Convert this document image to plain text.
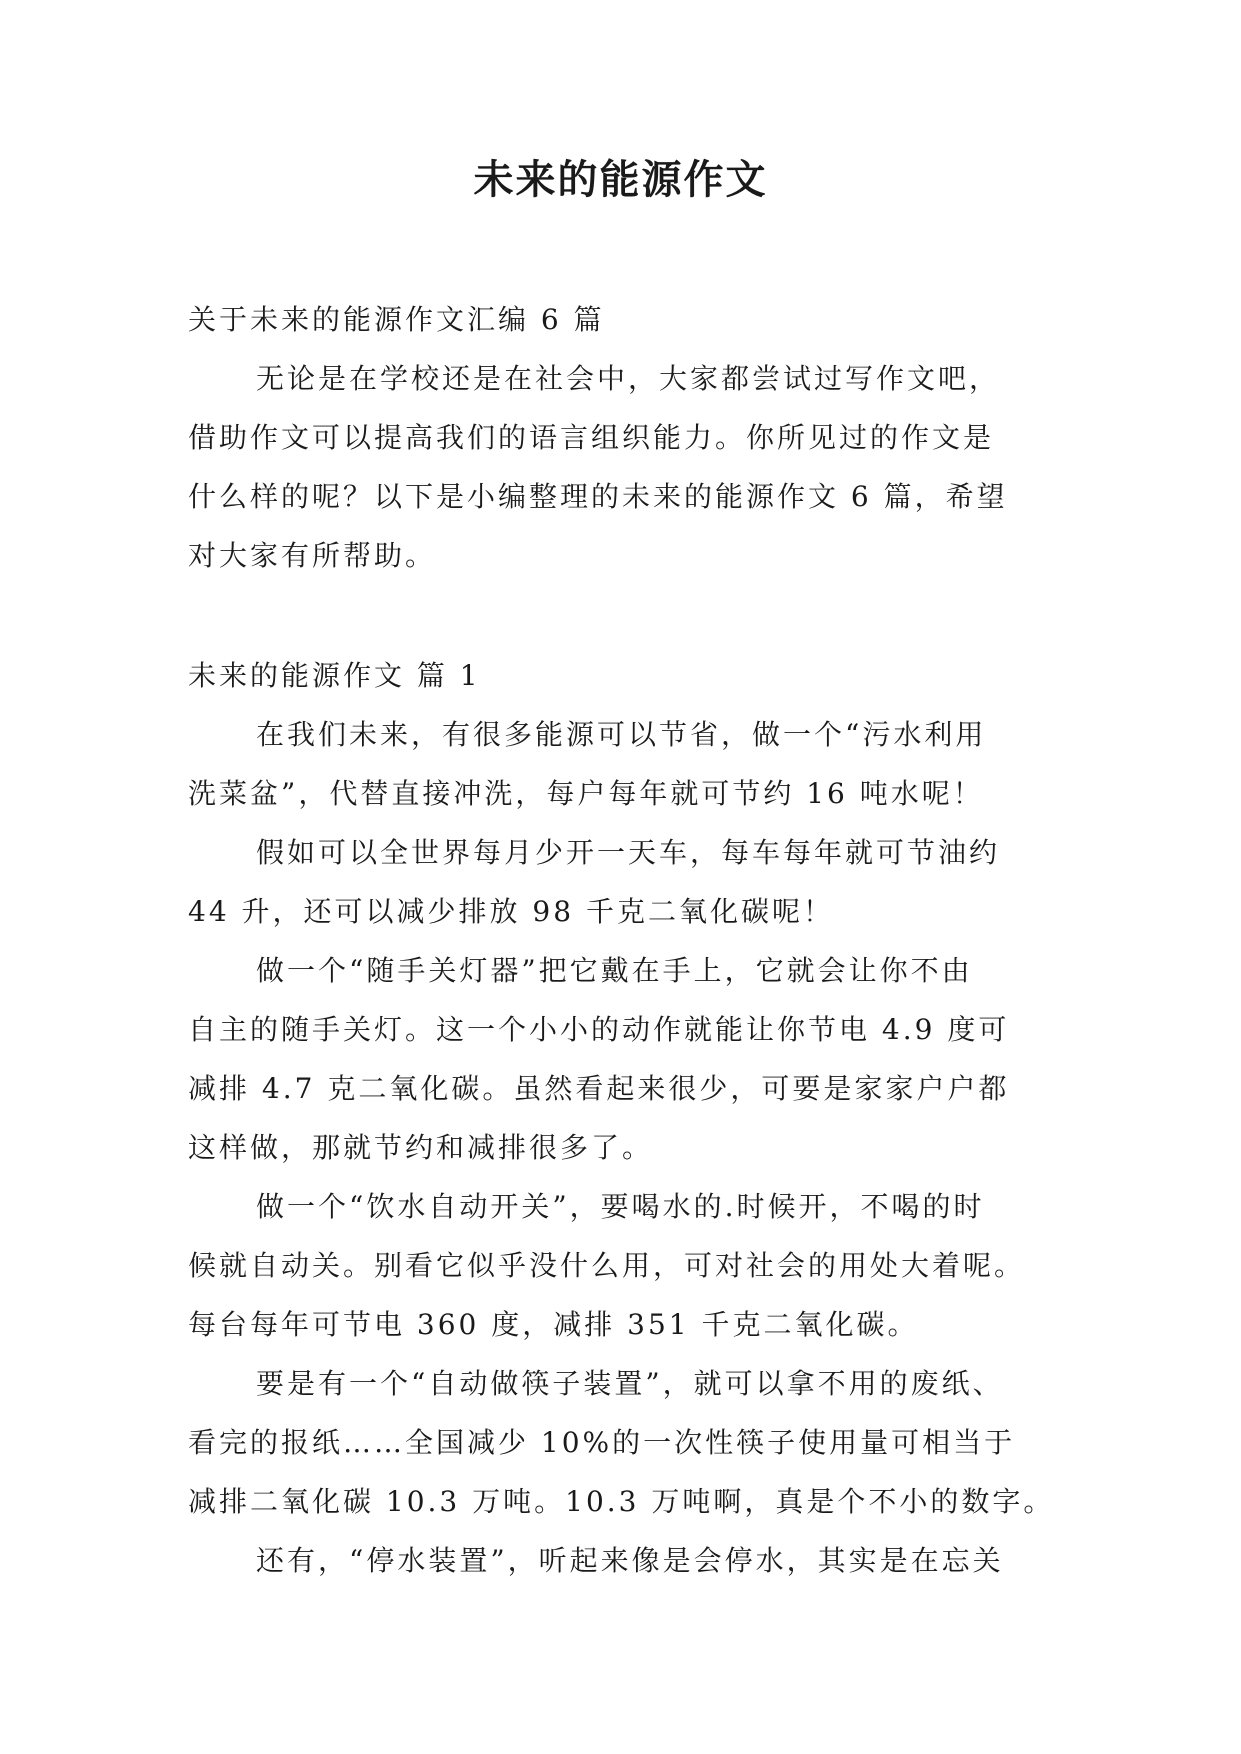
未来的能源作文

关于未来的能源作文汇编 6 篇

无论是在学校还是在社会中，大家都尝试过写作文吧，

借助作文可以提高我们的语言组织能力。你所见过的作文是

什么样的呢？以下是小编整理的未来的能源作文 6 篇，希望

对大家有所帮助。

未来的能源作文 篇 1

在我们未来，有很多能源可以节省，做一个“污水利用

洗菜盆”，代替直接冲洗，每户每年就可节约 16 吨水呢！

假如可以全世界每月少开一天车，每车每年就可节油约

44 升，还可以减少排放 98 千克二氧化碳呢！

做一个“随手关灯器”把它戴在手上，它就会让你不由

自主的随手关灯。这一个小小的动作就能让你节电 4.9 度可

减排 4.7 克二氧化碳。虽然看起来很少，可要是家家户户都

这样做，那就节约和减排很多了。

做一个“饮水自动开关”，要喝水的.时候开，不喝的时

候就自动关。别看它似乎没什么用，可对社会的用处大着呢。

每台每年可节电 360 度，减排 351 千克二氧化碳。

要是有一个“自动做筷子装置”，就可以拿不用的废纸、

看完的报纸……全国减少 10%的一次性筷子使用量可相当于

减排二氧化碳 10.3 万吨。10.3 万吨啊，真是个不小的数字。

还有，“停水装置”，听起来像是会停水，其实是在忘关
